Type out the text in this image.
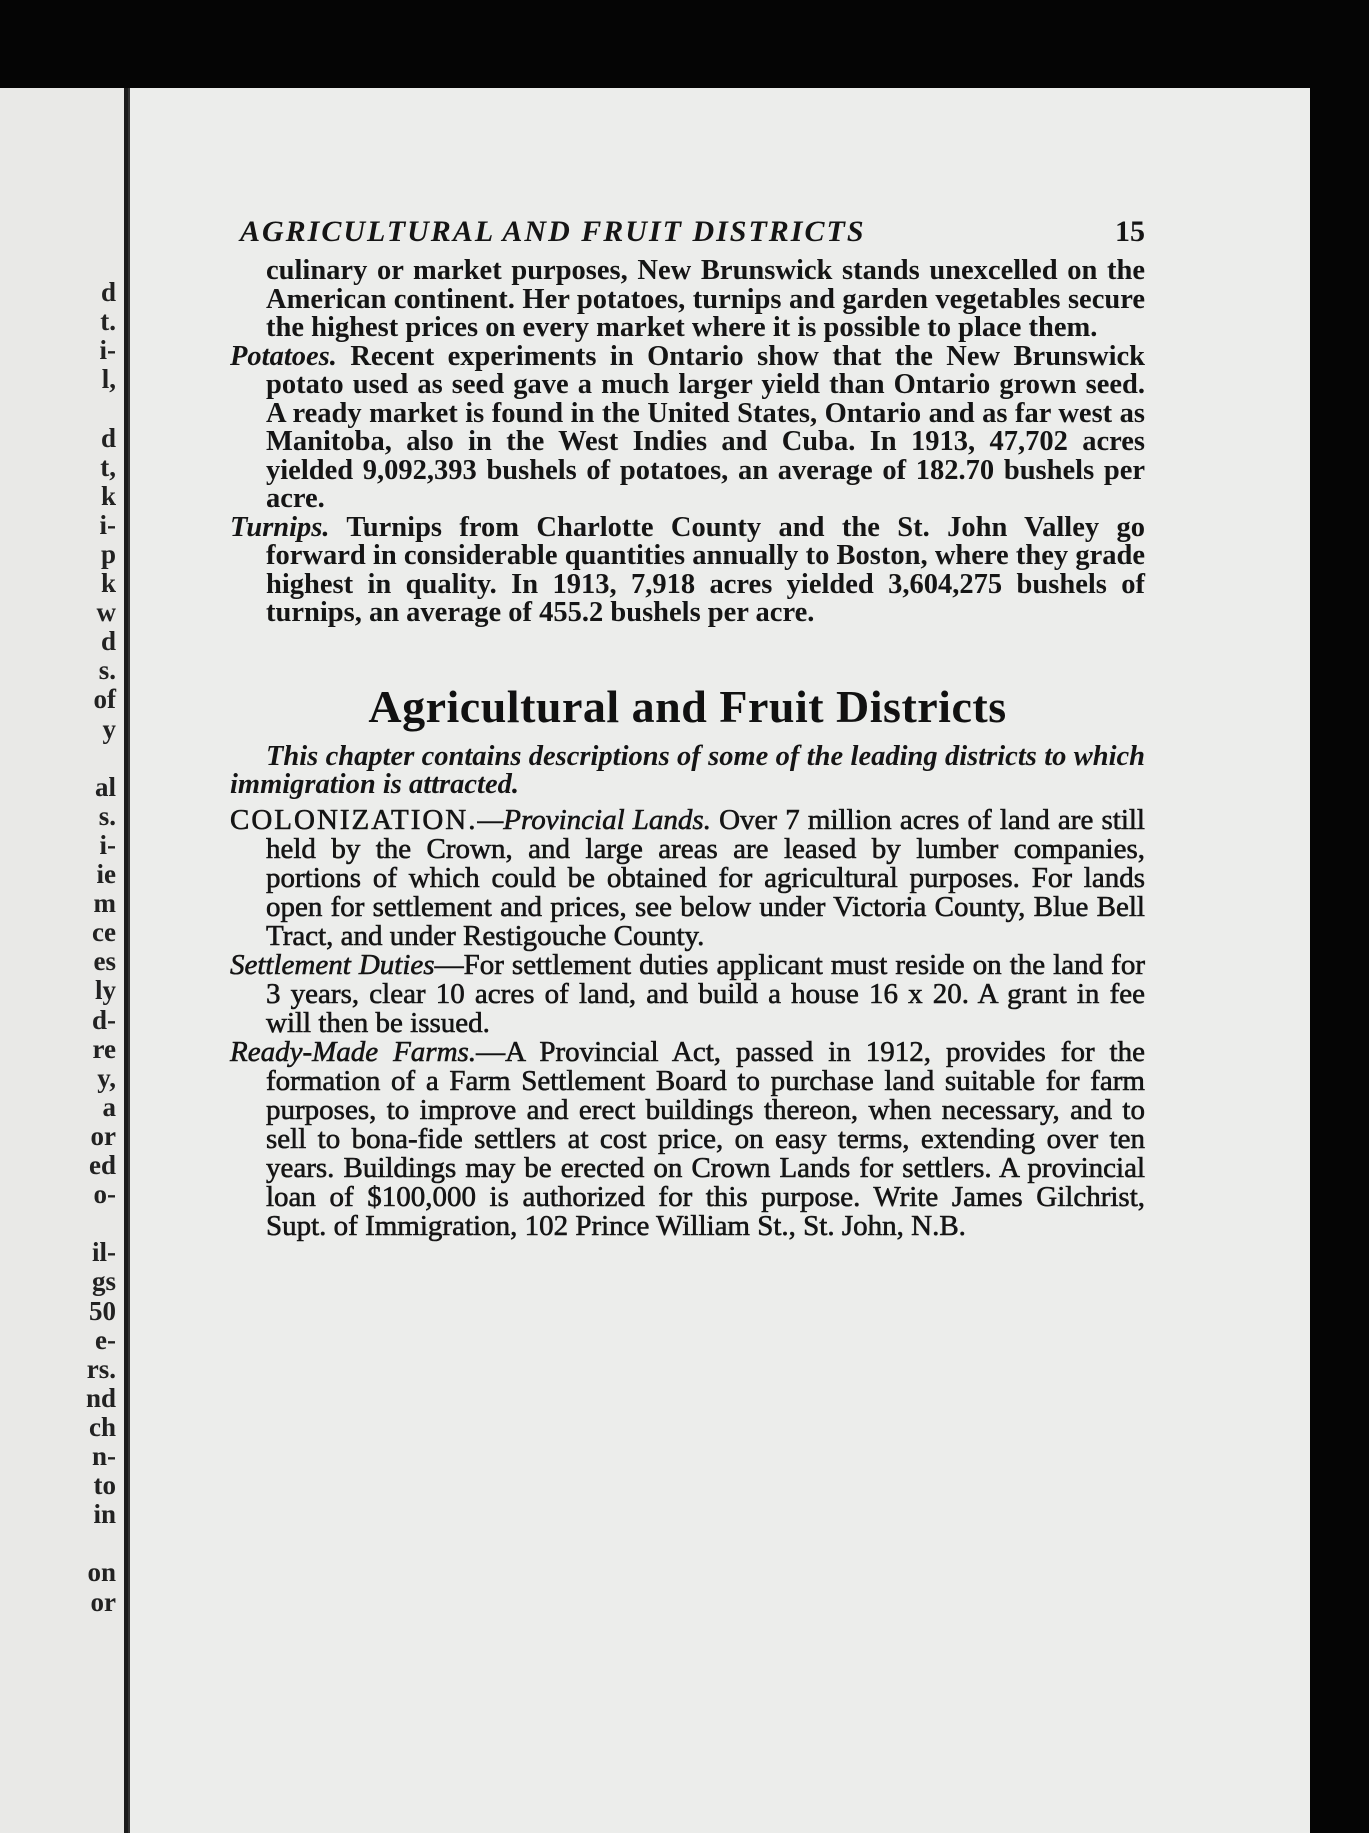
d
t.
i-
l,
d
t,
k
i-
p
k
w
d
s.
of
y
al
s.
i-
ie
m
ce
es
ly
d-
re
y,
a
or
ed
o-
il-
gs
50
e-
rs.
nd
ch
n-
to
in
on
or
AGRICULTURAL AND FRUIT DISTRICTS	15

culinary or market purposes, New Brunswick stands unexcelled on the American continent. Her potatoes, turnips and garden vegetables secure the highest prices on every market where it is possible to place them.

Potatoes. Recent experiments in Ontario show that the New Brunswick potato used as seed gave a much larger yield than Ontario grown seed. A ready market is found in the United States, Ontario and as far west as Manitoba, also in the West Indies and Cuba. In 1913, 47,702 acres yielded 9,092,393 bushels of potatoes, an average of 182.70 bushels per acre.

Turnips. Turnips from Charlotte County and the St. John Valley go forward in considerable quantities annually to Boston, where they grade highest in quality. In 1913, 7,918 acres yielded 3,604,275 bushels of turnips, an average of 455.2 bushels per acre.

Agricultural and Fruit Districts

This chapter contains descriptions of some of the leading districts to which immigration is attracted.

COLONIZATION.—Provincial Lands. Over 7 million acres of land are still held by the Crown, and large areas are leased by lumber companies, portions of which could be obtained for agricultural purposes. For lands open for settlement and prices, see below under Victoria County, Blue Bell Tract, and under Restigouche County.

Settlement Duties—For settlement duties applicant must reside on the land for 3 years, clear 10 acres of land, and build a house 16 x 20. A grant in fee will then be issued.

Ready-Made Farms.—A Provincial Act, passed in 1912, provides for the formation of a Farm Settlement Board to purchase land suitable for farm purposes, to improve and erect buildings thereon, when necessary, and to sell to bona-fide settlers at cost price, on easy terms, extending over ten years. Buildings may be erected on Crown Lands for settlers. A provincial loan of $100,000 is authorized for this purpose. Write James Gilchrist, Supt. of Immigration, 102 Prince William St., St. John, N.B.
